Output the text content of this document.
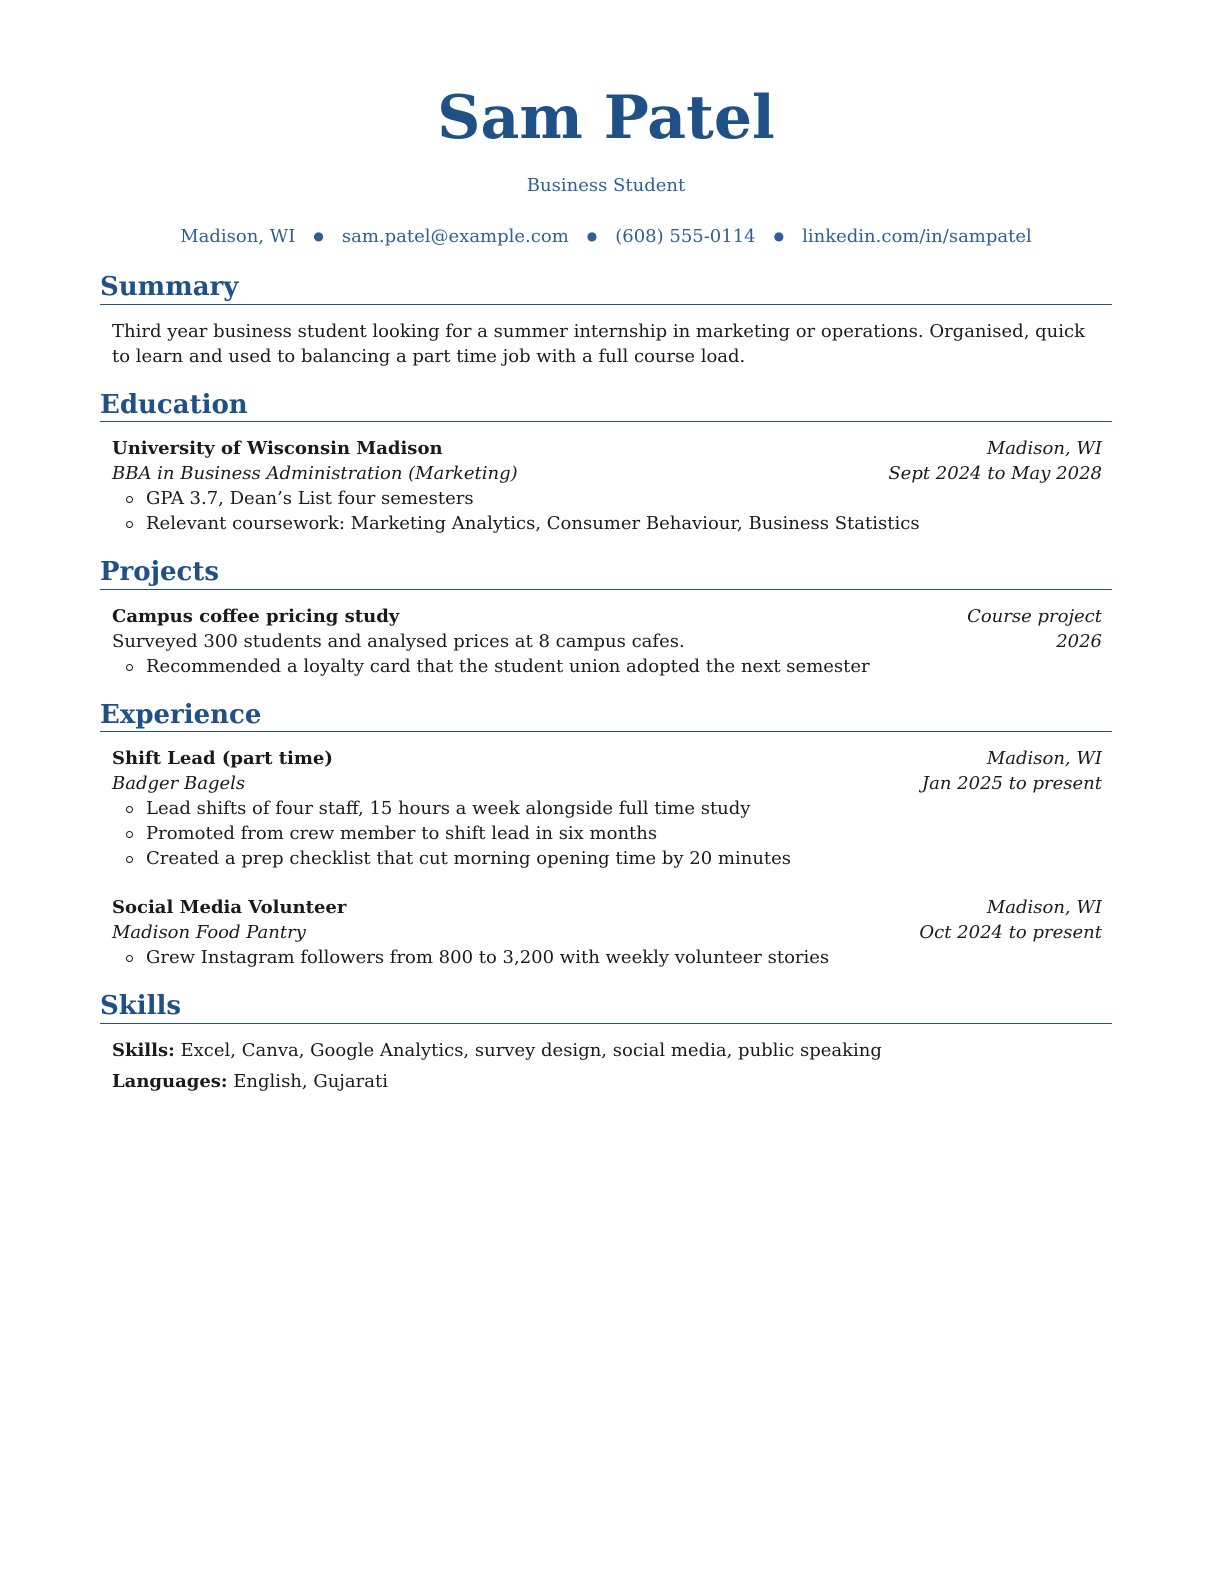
Sam Patel
Business Student
Madison, WI ● sam.patel@example.com ● (608) 555-0114 ● linkedin.com/in/sampatel
Summary
Third year business student looking for a summer internship in marketing or operations. Organised, quick to learn and used to balancing a part time job with a full course load.
Education
University of Wisconsin Madison	Madison, WI
BBA in Business Administration (Marketing)	Sept 2024 to May 2028
GPA 3.7, Dean’s List four semesters
Relevant coursework: Marketing Analytics, Consumer Behaviour, Business Statistics
Projects
Campus coffee pricing study	Course project
Surveyed 300 students and analysed prices at 8 campus cafes.	2026
Recommended a loyalty card that the student union adopted the next semester
Experience
Shift Lead (part time)	Madison, WI
Badger Bagels	Jan 2025 to present
Lead shifts of four staff, 15 hours a week alongside full time study
Promoted from crew member to shift lead in six months
Created a prep checklist that cut morning opening time by 20 minutes
Social Media Volunteer	Madison, WI
Madison Food Pantry	Oct 2024 to present
Grew Instagram followers from 800 to 3,200 with weekly volunteer stories
Skills
Skills: Excel, Canva, Google Analytics, survey design, social media, public speaking
Languages: English, Gujarati
